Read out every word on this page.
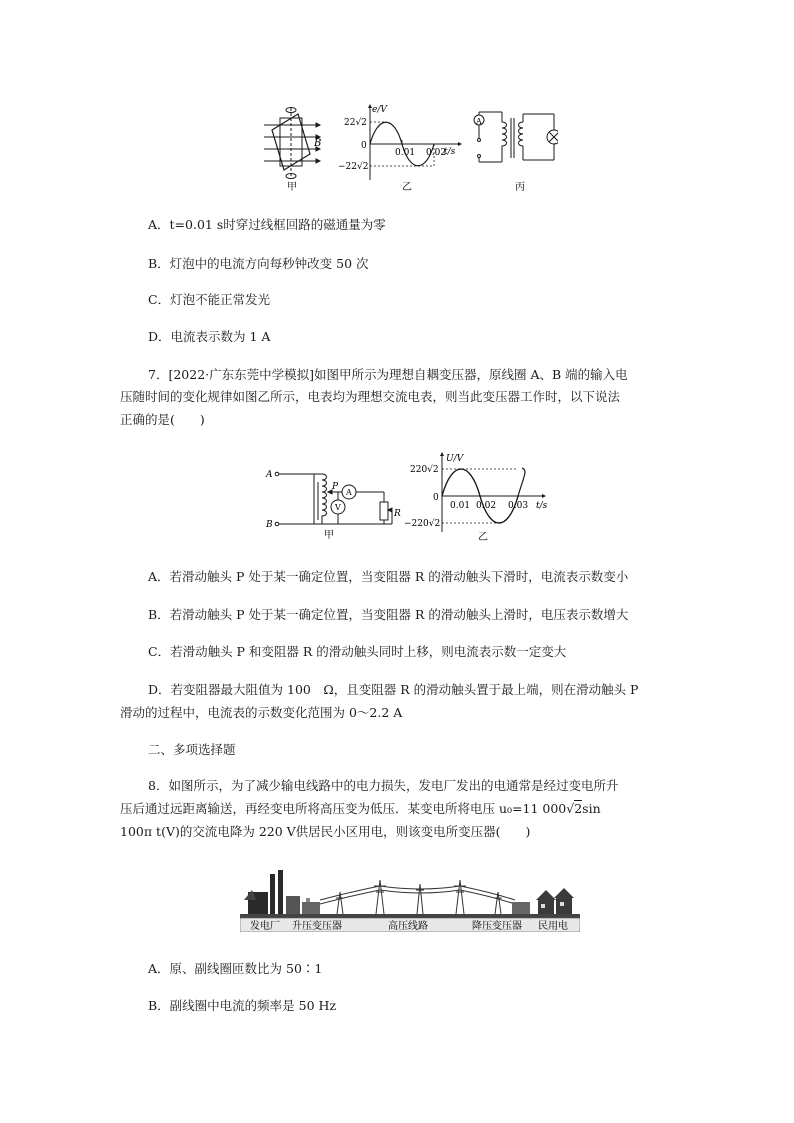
B
甲
e/V
t/s
22√2
−22√2
0
0.01 0.02
乙
A
丙
A．t=0.01 s时穿过线框回路的磁通量为零
B．灯泡中的电流方向每秒钟改变 50 次
C．灯泡不能正常发光
D．电流表示数为 1 A
7．[2022·广东东莞中学模拟]如图甲所示为理想自耦变压器，原线圈 A、B 端的输入电
压随时间的变化规律如图乙所示，电表均为理想交流电表，则当此变压器工作时，以下说法
正确的是(　　)
A
B
P
A
V
R
甲
U/V
t/s
220√2
−220√2
0
0.01 0.02 0.03
乙
A．若滑动触头 P 处于某一确定位置，当变阻器 R 的滑动触头下滑时，电流表示数变小
B．若滑动触头 P 处于某一确定位置，当变阻器 R 的滑动触头上滑时，电压表示数增大
C．若滑动触头 P 和变阻器 R 的滑动触头同时上移，则电流表示数一定变大
D．若变阻器最大阻值为 100　Ω，且变阻器 R 的滑动触头置于最上端，则在滑动触头 P
滑动的过程中，电流表的示数变化范围为 0～2.2 A
二、多项选择题
8．如图所示，为了减少输电线路中的电力损失，发电厂发出的电通常是经过变电所升
压后通过远距离输送，再经变电所将高压变为低压．某变电所将电压 u₀=11 000√2sin
100π t(V)的交流电降为 220 V供居民小区用电，则该变电所变压器(　　)
发电厂 升压变压器	高压线路	降压变压器 民用电
A．原、副线圈匝数比为 50∶1
B．副线圈中电流的频率是 50 Hz
